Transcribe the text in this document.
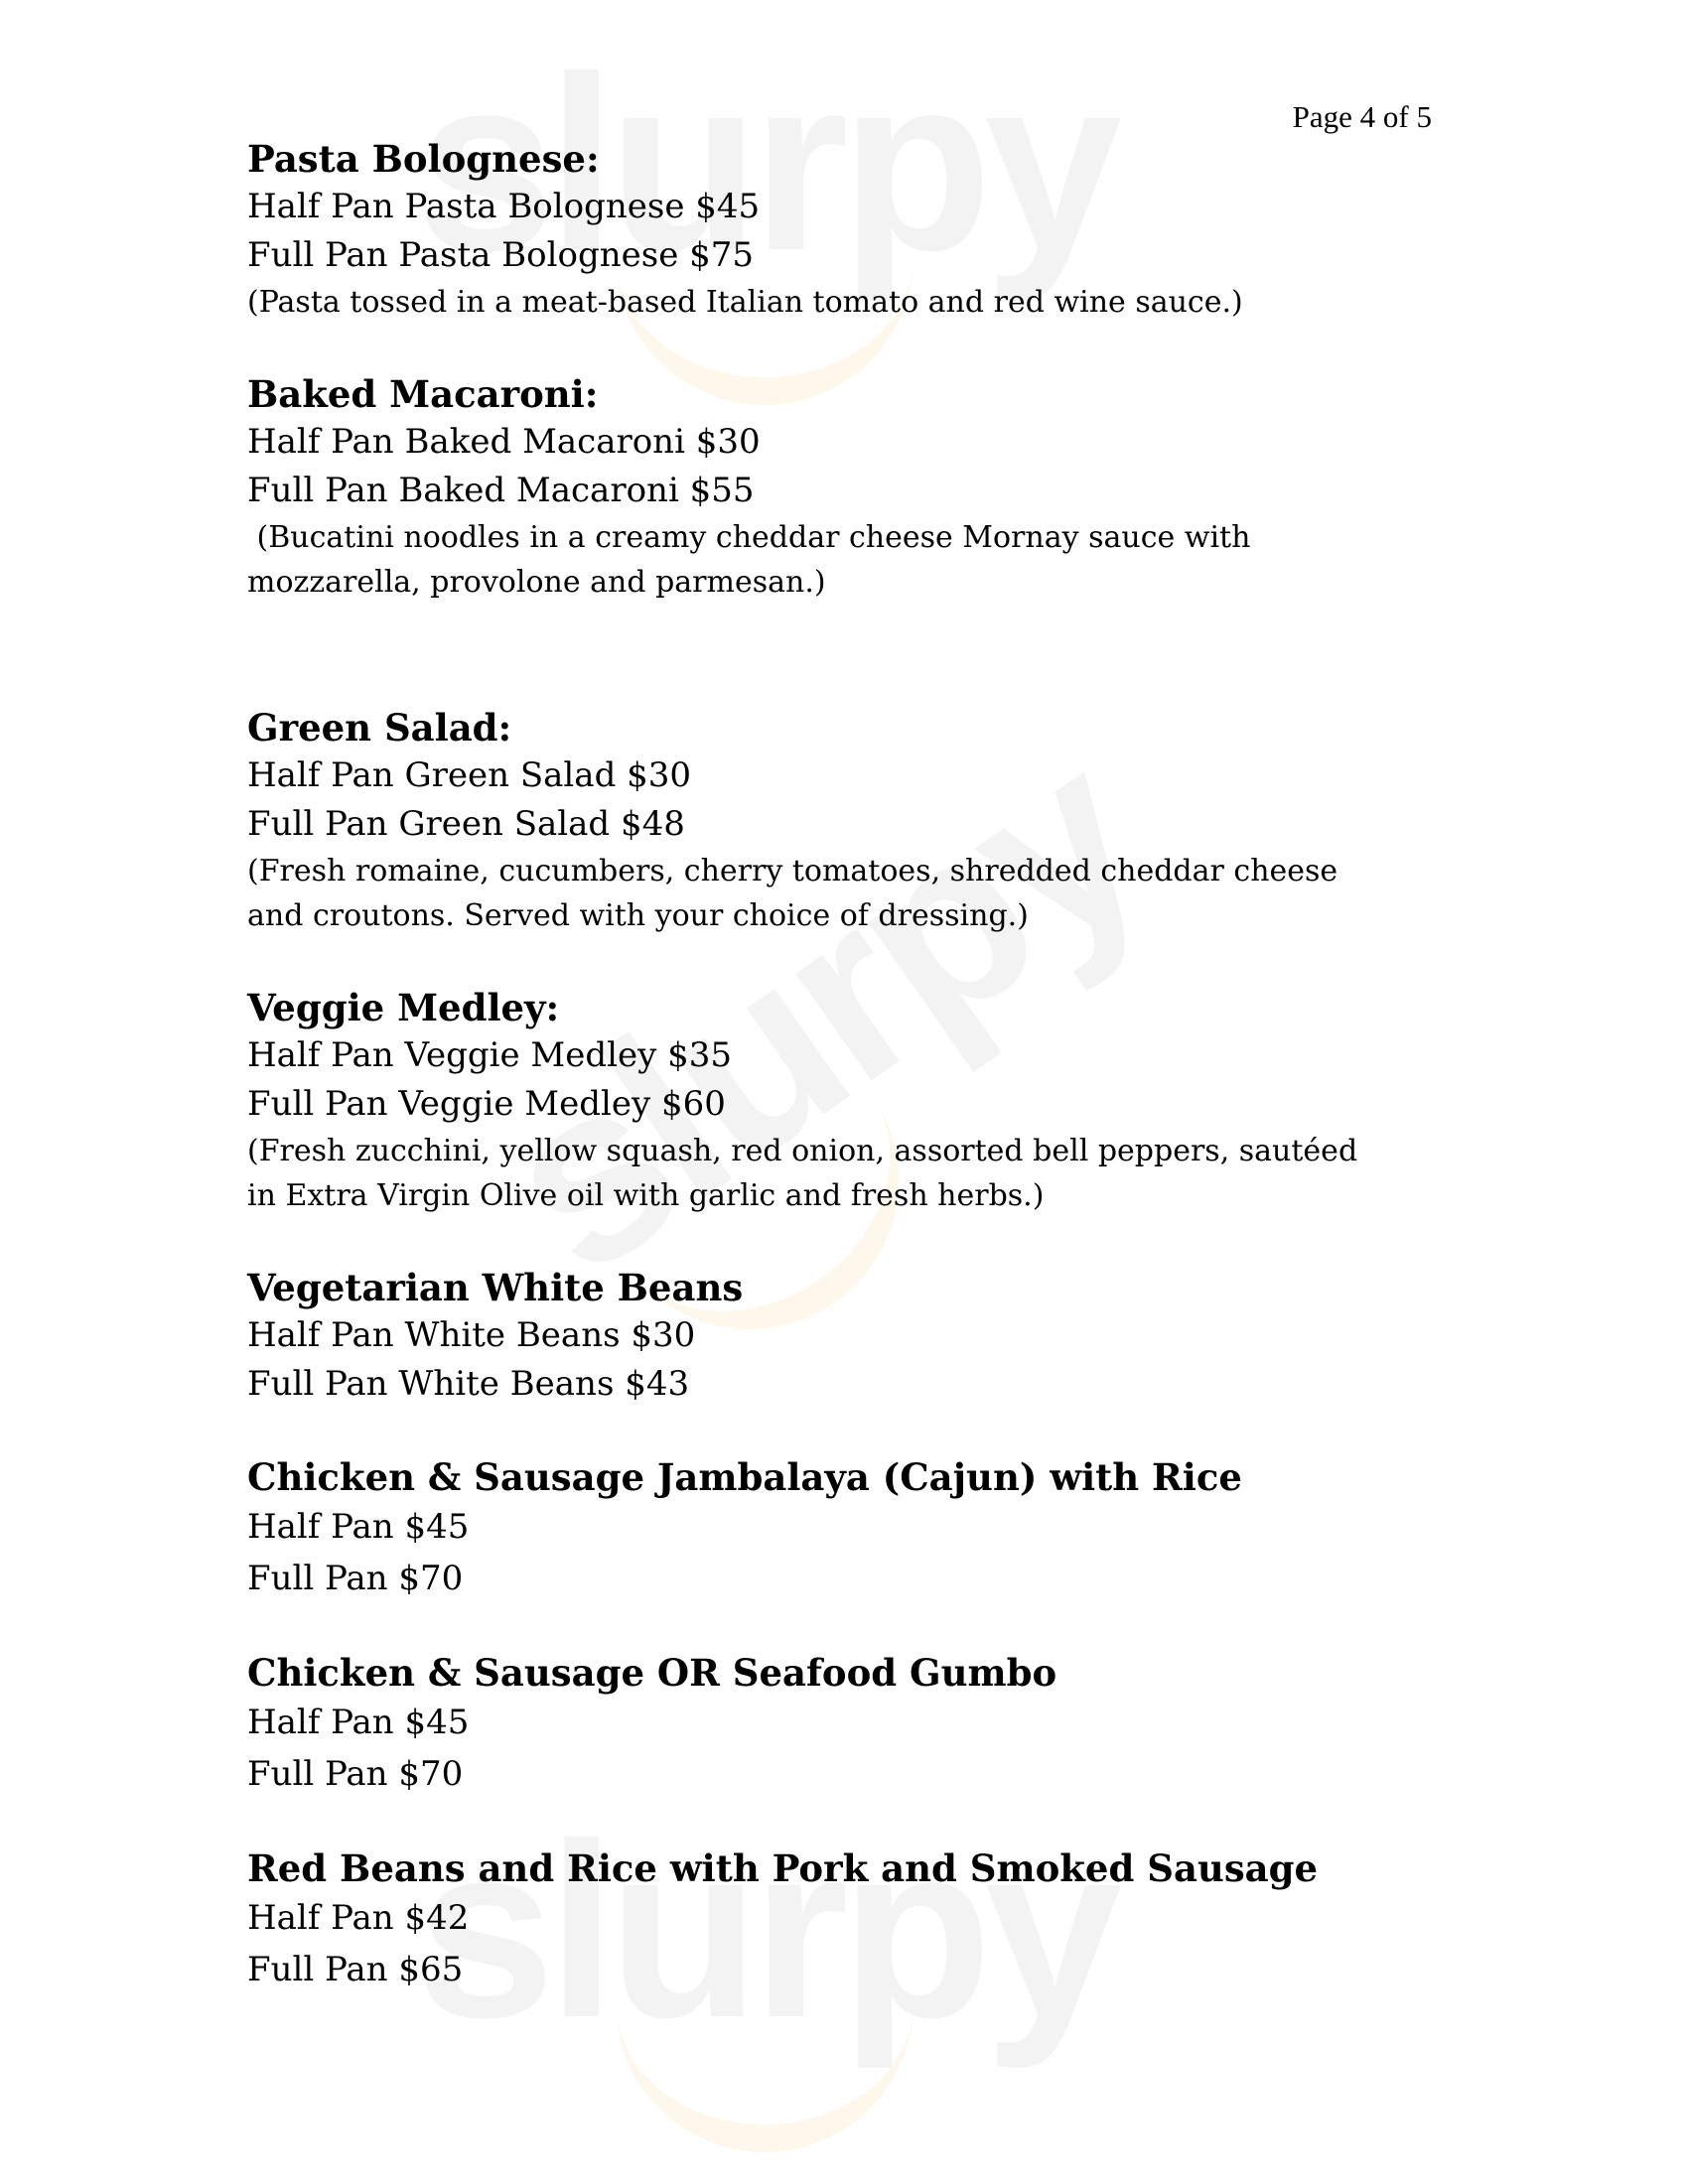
Page 4 of 5
Pasta Bolognese:
Half Pan Pasta Bolognese $45
Full Pan Pasta Bolognese $75
(Pasta tossed in a meat-based Italian tomato and red wine sauce.)
Baked Macaroni:
Half Pan Baked Macaroni $30
Full Pan Baked Macaroni $55
(Bucatini noodles in a creamy cheddar cheese Mornay sauce with
mozzarella, provolone and parmesan.)
Green Salad:
Half Pan Green Salad $30
Full Pan Green Salad $48
(Fresh romaine, cucumbers, cherry tomatoes, shredded cheddar cheese
and croutons. Served with your choice of dressing.)
Veggie Medley:
Half Pan Veggie Medley $35
Full Pan Veggie Medley $60
(Fresh zucchini, yellow squash, red onion, assorted bell peppers, sautéed
in Extra Virgin Olive oil with garlic and fresh herbs.)
Vegetarian White Beans
Half Pan White Beans $30
Full Pan White Beans $43
Chicken & Sausage Jambalaya (Cajun) with Rice
Half Pan $45
Full Pan $70
Chicken & Sausage OR Seafood Gumbo
Half Pan $45
Full Pan $70
Red Beans and Rice with Pork and Smoked Sausage
Half Pan $42
Full Pan $65
